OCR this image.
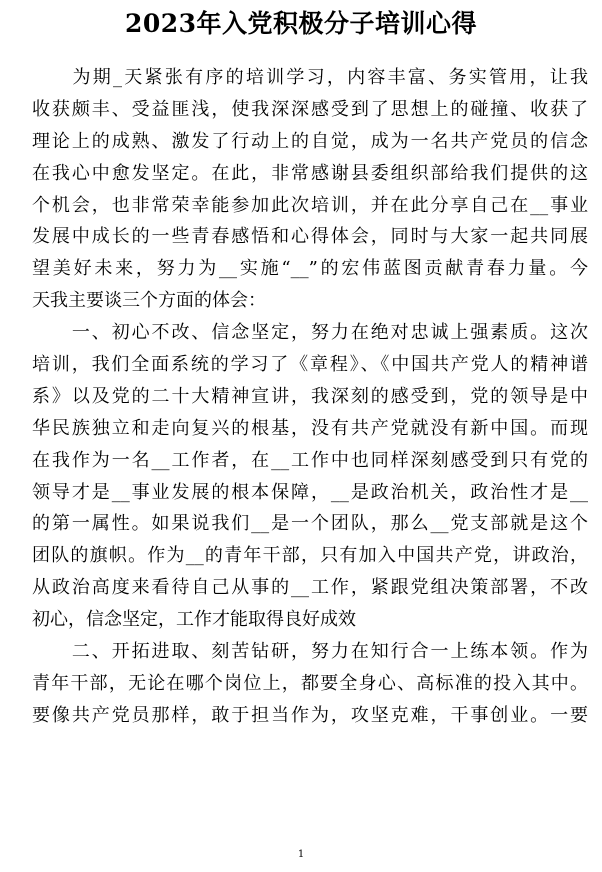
2023年入党积极分子培训心得
　　为期_天紧张有序的培训学习，内容丰富、务实管用，让我
收获颇丰、受益匪浅，使我深深感受到了思想上的碰撞、收获了
理论上的成熟、激发了行动上的自觉，成为一名共产党员的信念
在我心中愈发坚定。在此，非常感谢县委组织部给我们提供的这
个机会，也非常荣幸能参加此次培训，并在此分享自己在__事业
发展中成长的一些青春感悟和心得体会，同时与大家一起共同展
望美好未来，努力为__实施“__”的宏伟蓝图贡献青春力量。今
天我主要谈三个方面的体会：
　　一、初心不改、信念坚定，努力在绝对忠诚上强素质。这次
培训，我们全面系统的学习了《章程》、《中国共产党人的精神谱
系》以及党的二十大精神宣讲，我深刻的感受到，党的领导是中
华民族独立和走向复兴的根基，没有共产党就没有新中国。而现
在我作为一名__工作者，在__工作中也同样深刻感受到只有党的
领导才是__事业发展的根本保障，__是政治机关，政治性才是__
的第一属性。如果说我们__是一个团队，那么__党支部就是这个
团队的旗帜。作为__的青年干部，只有加入中国共产党，讲政治，
从政治高度来看待自己从事的__工作，紧跟党组决策部署，不改
初心，信念坚定，工作才能取得良好成效
　　二、开拓进取、刻苦钻研，努力在知行合一上练本领。作为
青年干部，无论在哪个岗位上，都要全身心、高标准的投入其中。
要像共产党员那样，敢于担当作为，攻坚克难，干事创业。一要
1
